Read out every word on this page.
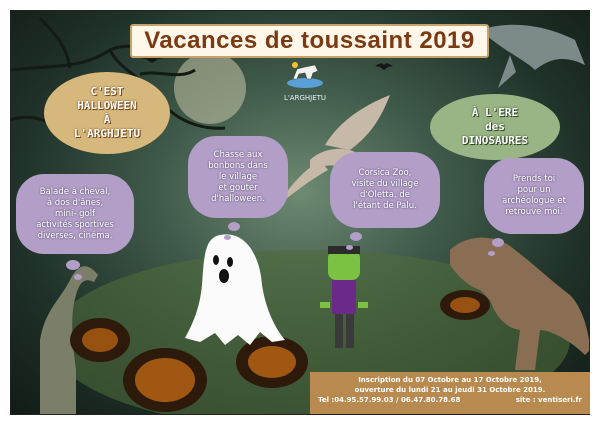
Vacances de toussaint 2019
C'EST
HALLOWEEN
À
L'ARGHJETU
À L'ERE
des
DINOSAURES
L'ARGHJETU
Balade à cheval,
à dos d'ânes,
mini- golf
activités sportives
diverses, cinéma.
Chasse aux
bonbons dans
le village
et gouter
d'halloween.
Corsica Zoo,
visite du village
d'Oletta, de
l'étant de Palu.
Prends toi
pour un
archéologue et
retrouve moi.
Inscription du 07 Octobre au 17 Octobre 2019,
ouverture du lundi 21 au jeudi 31 Octobre 2019.
Tel :04.95.57.99.03 / 06.47.80.78.68	site : ventiseri.fr
